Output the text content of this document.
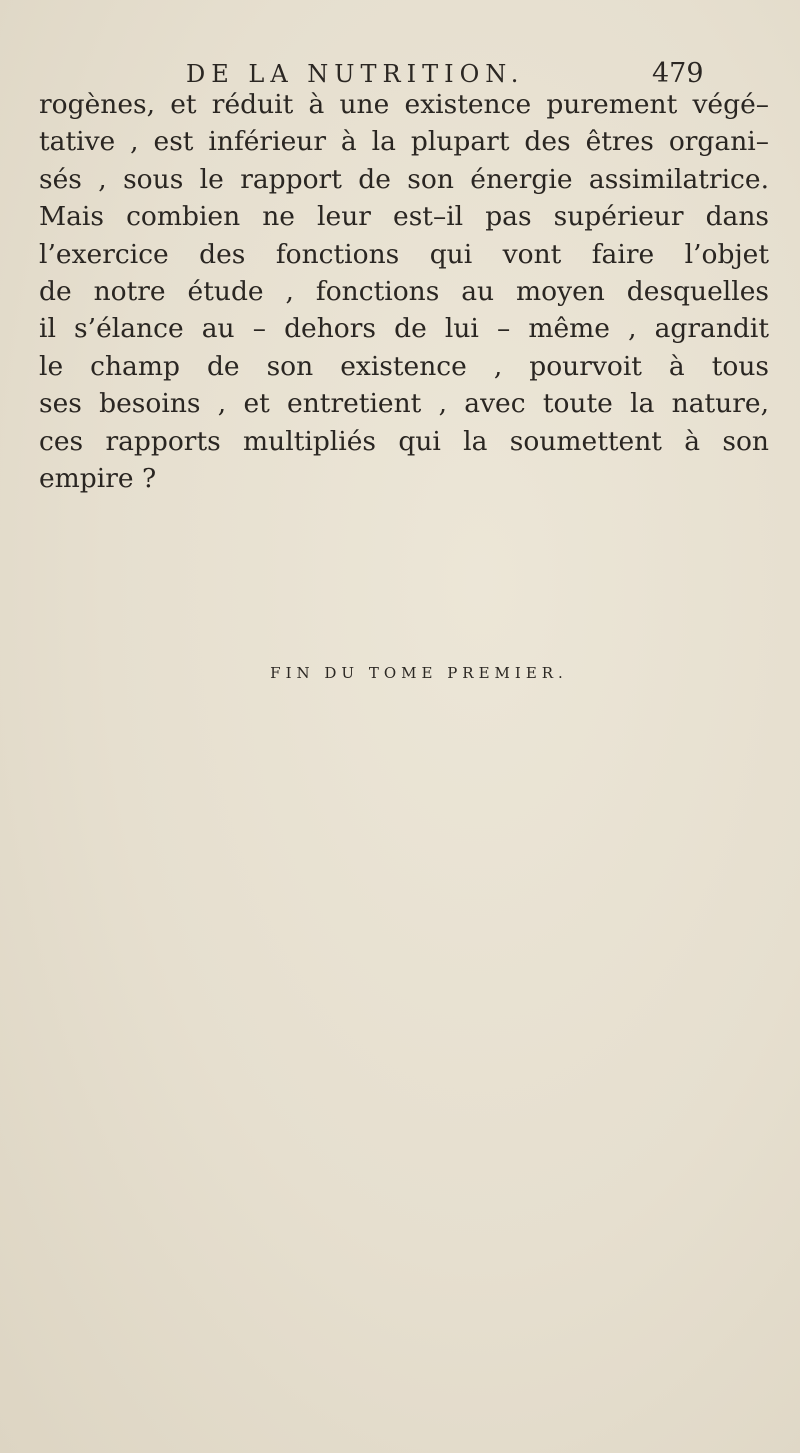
DE LA NUTRITION.	479
rogènes, et réduit à une existence purement végé–
tative , est inférieur à la plupart des êtres organi–
sés , sous le rapport de son énergie assimilatrice.
Mais combien ne leur est–il pas supérieur dans
l’exercice des fonctions qui vont faire l’objet
de notre étude , fonctions au moyen desquelles
il s’élance au – dehors de lui – même , agrandit
le champ de son existence , pourvoit à tous
ses besoins , et entretient , avec toute la nature,
ces rapports multipliés qui la soumettent à son
empire ?
FIN DU TOME PREMIER.
